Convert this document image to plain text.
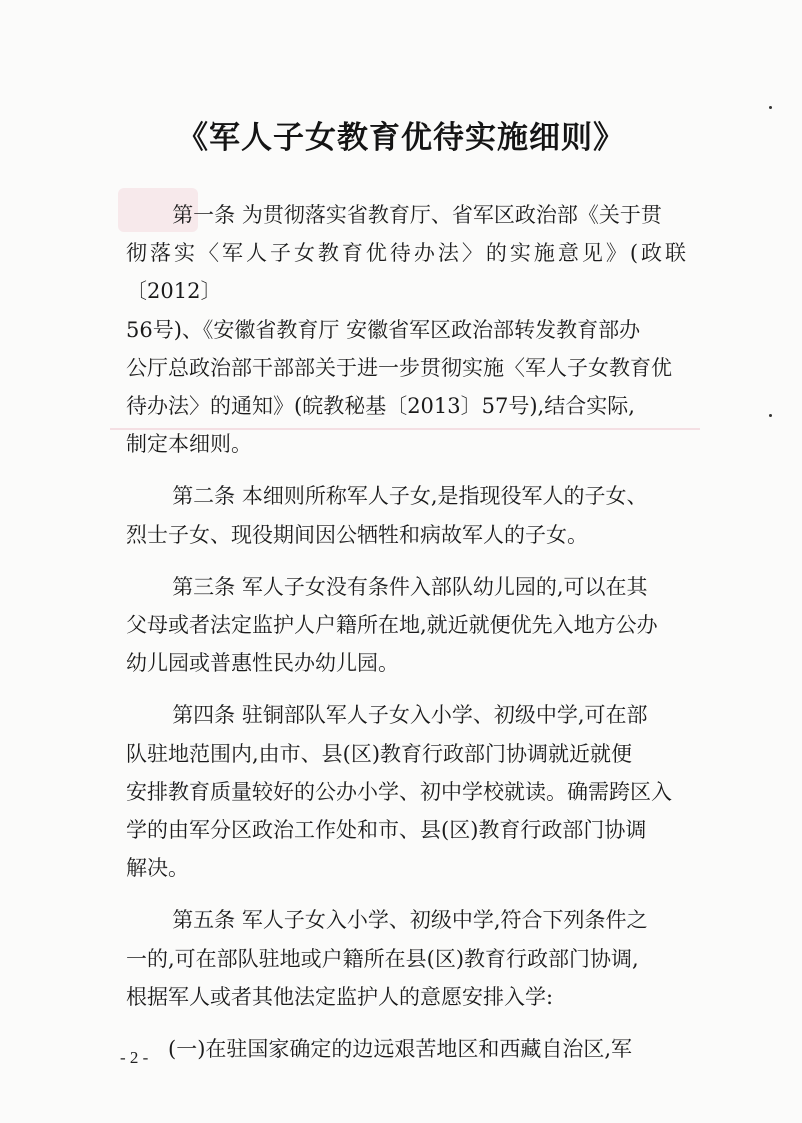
《军人子女教育优待实施细则》

第一条 为贯彻落实省教育厅、省军区政治部《关于贯
彻落实〈军人子女教育优待办法〉的实施意见》(政联〔2012〕
56号)、《安徽省教育厅 安徽省军区政治部转发教育部办
公厅总政治部干部部关于进一步贯彻实施〈军人子女教育优
待办法〉的通知》(皖教秘基〔2013〕57号),结合实际,
制定本细则。

第二条 本细则所称军人子女,是指现役军人的子女、
烈士子女、现役期间因公牺牲和病故军人的子女。

第三条 军人子女没有条件入部队幼儿园的,可以在其
父母或者法定监护人户籍所在地,就近就便优先入地方公办
幼儿园或普惠性民办幼儿园。

第四条 驻铜部队军人子女入小学、初级中学,可在部
队驻地范围内,由市、县(区)教育行政部门协调就近就便
安排教育质量较好的公办小学、初中学校就读。确需跨区入
学的由军分区政治工作处和市、县(区)教育行政部门协调
解决。

第五条 军人子女入小学、初级中学,符合下列条件之
一的,可在部队驻地或户籍所在县(区)教育行政部门协调,
根据军人或者其他法定监护人的意愿安排入学:

(一)在驻国家确定的边远艰苦地区和西藏自治区,军

- 2 -
